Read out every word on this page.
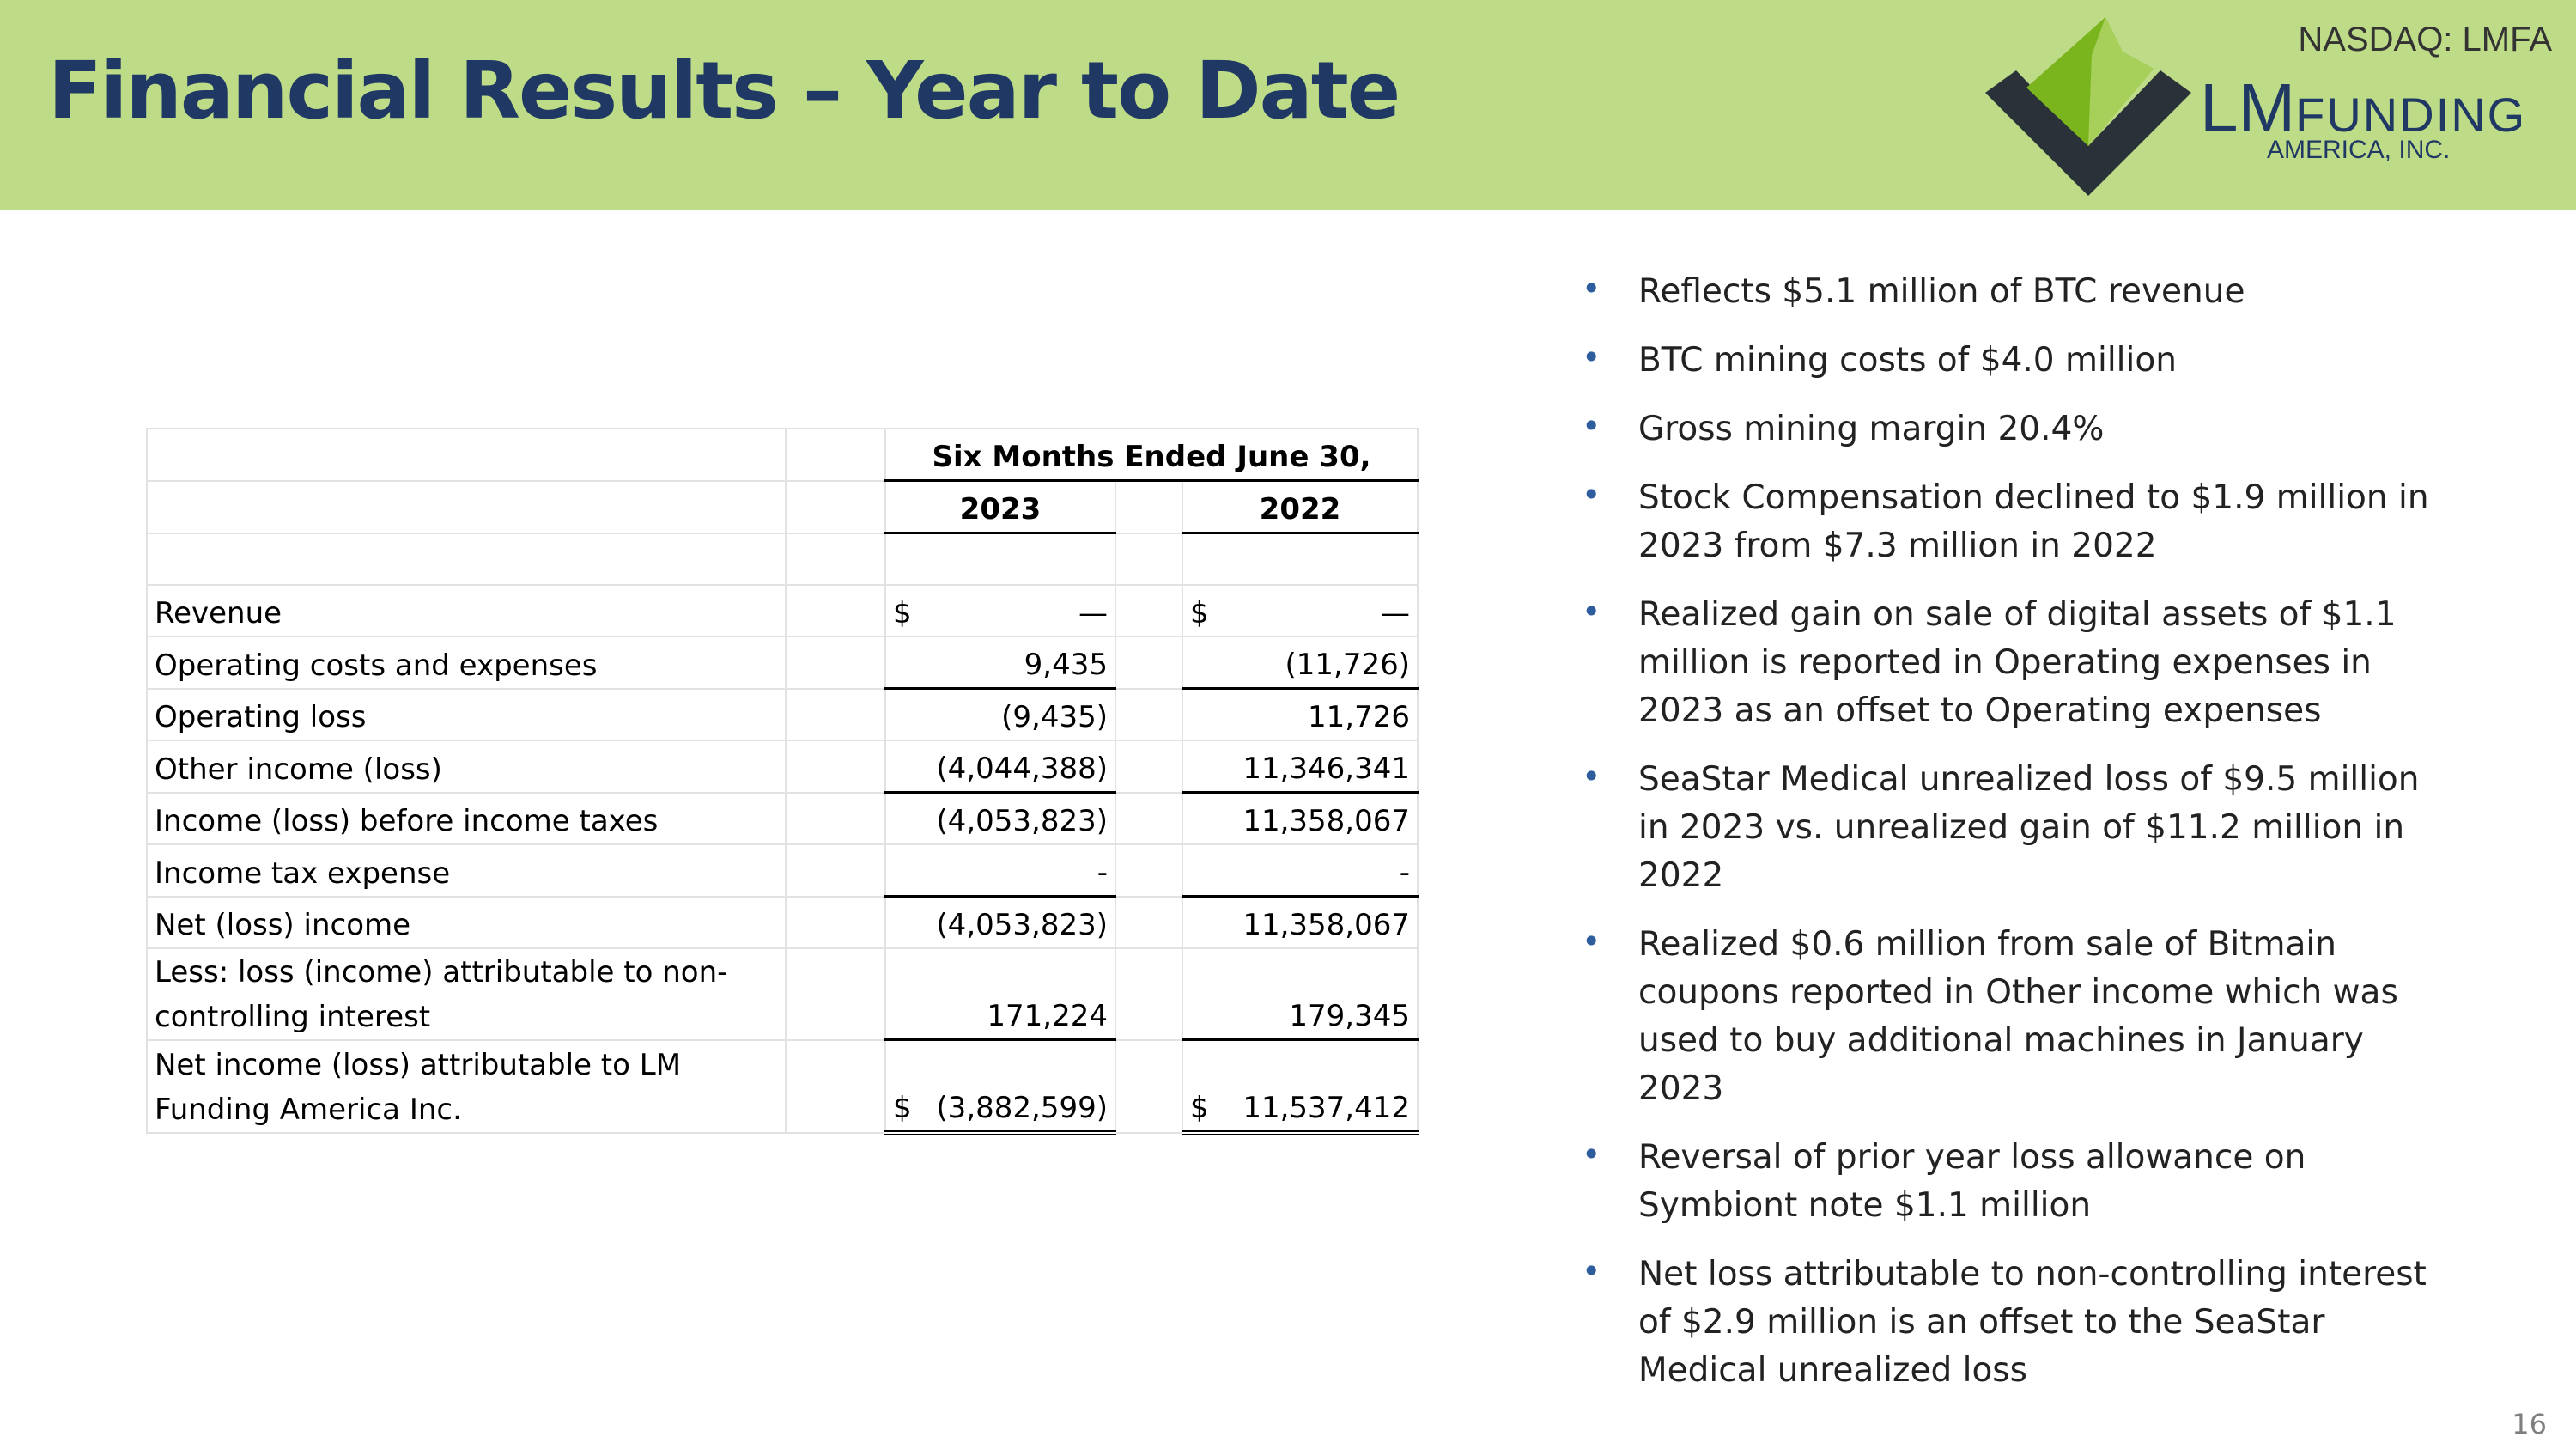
Financial Results – Year to Date
NASDAQ: LMFA
LMFUNDING
AMERICA, INC.
		Six Months Ended June 30,		
		2023		2022

Revenue		$ —		$ —
Operating costs and expenses		9,435		(11,726)
Operating loss		(9,435)		11,726
Other income (loss)		(4,044,388)		11,346,341
Income (loss) before income taxes		(4,053,823)		11,358,067
Income tax expense		-		-
Net (loss) income		(4,053,823)		11,358,067
Less: loss (income) attributable to non-controlling interest		171,224		179,345
Net income (loss) attributable to LM Funding America Inc.		$ (3,882,599)		$ 11,537,412
• Reflects $5.1 million of BTC revenue
• BTC mining costs of $4.0 million
• Gross mining margin 20.4%
• Stock Compensation declined to $1.9 million in 2023 from $7.3 million in 2022
• Realized gain on sale of digital assets of $1.1 million is reported in Operating expenses in 2023 as an offset to Operating expenses
• SeaStar Medical unrealized loss of $9.5 million in 2023 vs. unrealized gain of $11.2 million in 2022
• Realized $0.6 million from sale of Bitmain coupons reported in Other income which was used to buy additional machines in January 2023
• Reversal of prior year loss allowance on Symbiont note $1.1 million
• Net loss attributable to non-controlling interest of $2.9 million is an offset to the SeaStar Medical unrealized loss
16
